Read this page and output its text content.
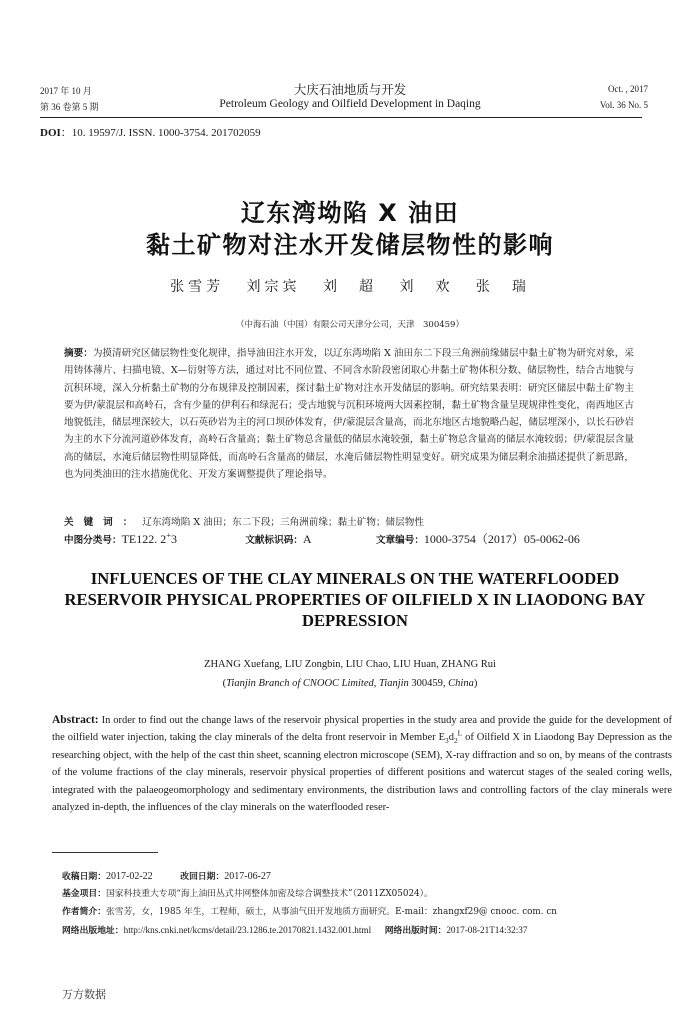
2017 年 10 月
第 36 卷第 5 期
大庆石油地质与开发
Petroleum Geology and Oilfield Development in Daqing
Oct. , 2017
Vol. 36 No. 5
DOI：10. 19597/J. ISSN. 1000-3754. 201702059
辽东湾坳陷 X 油田
黏土矿物对注水开发储层物性的影响
张雪芳 刘宗宾 刘　超 刘　欢 张　瑞
（中海石油（中国）有限公司天津分公司，天津　300459）
摘要：为摸清研究区储层物性变化规律，指导油田注水开发，以辽东湾坳陷 X 油田东二下段三角洲前缘储层中黏土矿物为研究对象，采用铸体薄片、扫描电镜、X—衍射等方法，通过对比不同位置、不同含水阶段密闭取心井黏土矿物体积分数、储层物性，结合古地貌与沉积环境，深入分析黏土矿物的分布规律及控制因素，探讨黏土矿物对注水开发储层的影响。研究结果表明：研究区储层中黏土矿物主要为伊/蒙混层和高岭石，含有少量的伊利石和绿泥石；受古地貌与沉积环境两大因素控制，黏土矿物含量呈现规律性变化，南西地区古地貌低洼，储层埋深较大，以石英砂岩为主的河口坝砂体发育，伊/蒙混层含量高，而北东地区古地貌略凸起，储层埋深小，以长石砂岩为主的水下分流河道砂体发育，高岭石含量高；黏土矿物总含量低的储层水淹较强，黏土矿物总含量高的储层水淹较弱；伊/蒙混层含量高的储层，水淹后储层物性明显降低，而高岭石含量高的储层，水淹后储层物性明显变好。研究成果为储层剩余油描述提供了新思路，也为同类油田的注水措施优化、开发方案调整提供了理论指导。
关键词：辽东湾坳陷 X 油田；东二下段；三角洲前缘；黏土矿物；储层物性
中图分类号：TE122. 2+3	文献标识码：A	文章编号：1000-3754（2017）05-0062-06
INFLUENCES OF THE CLAY MINERALS ON THE WATERFLOODED RESERVOIR PHYSICAL PROPERTIES OF OILFIELD X IN LIAODONG BAY DEPRESSION
ZHANG Xuefang, LIU Zongbin, LIU Chao, LIU Huan, ZHANG Rui
(Tianjin Branch of CNOOC Limited, Tianjin 300459, China)
Abstract: In order to find out the change laws of the reservoir physical properties in the study area and provide the guide for the development of the oilfield water injection, taking the clay minerals of the delta front reservoir in Member $E_3d_2^L$ of Oilfield X in Liaodong Bay Depression as the researching object, with the help of the cast thin sheet, scanning electron microscope (SEM), X-ray diffraction and so on, by means of the contrasts of the volume fractions of the clay minerals, reservoir physical properties of different positions and watercut stages of the sealed coring wells, integrated with the palaeogeomorphology and sedimentary environments, the distribution laws and controlling factors of the clay minerals were analyzed in-depth, the influences of the clay minerals on the waterflooded reser-
收稿日期：2017-02-22	改回日期：2017-06-27
基金项目：国家科技重大专项“海上油田丛式井网整体加密及综合调整技术”（2011ZX05024）。
作者简介：张雪芳，女，1985 年生，工程师，硕士，从事油气田开发地质方面研究。E-mail：zhangxf29@ cnooc. com. cn
网络出版地址：http://kns.cnki.net/kcms/detail/23.1286.te.20170821.1432.001.html 网络出版时间：2017-08-21T14:32:37
万方数据
